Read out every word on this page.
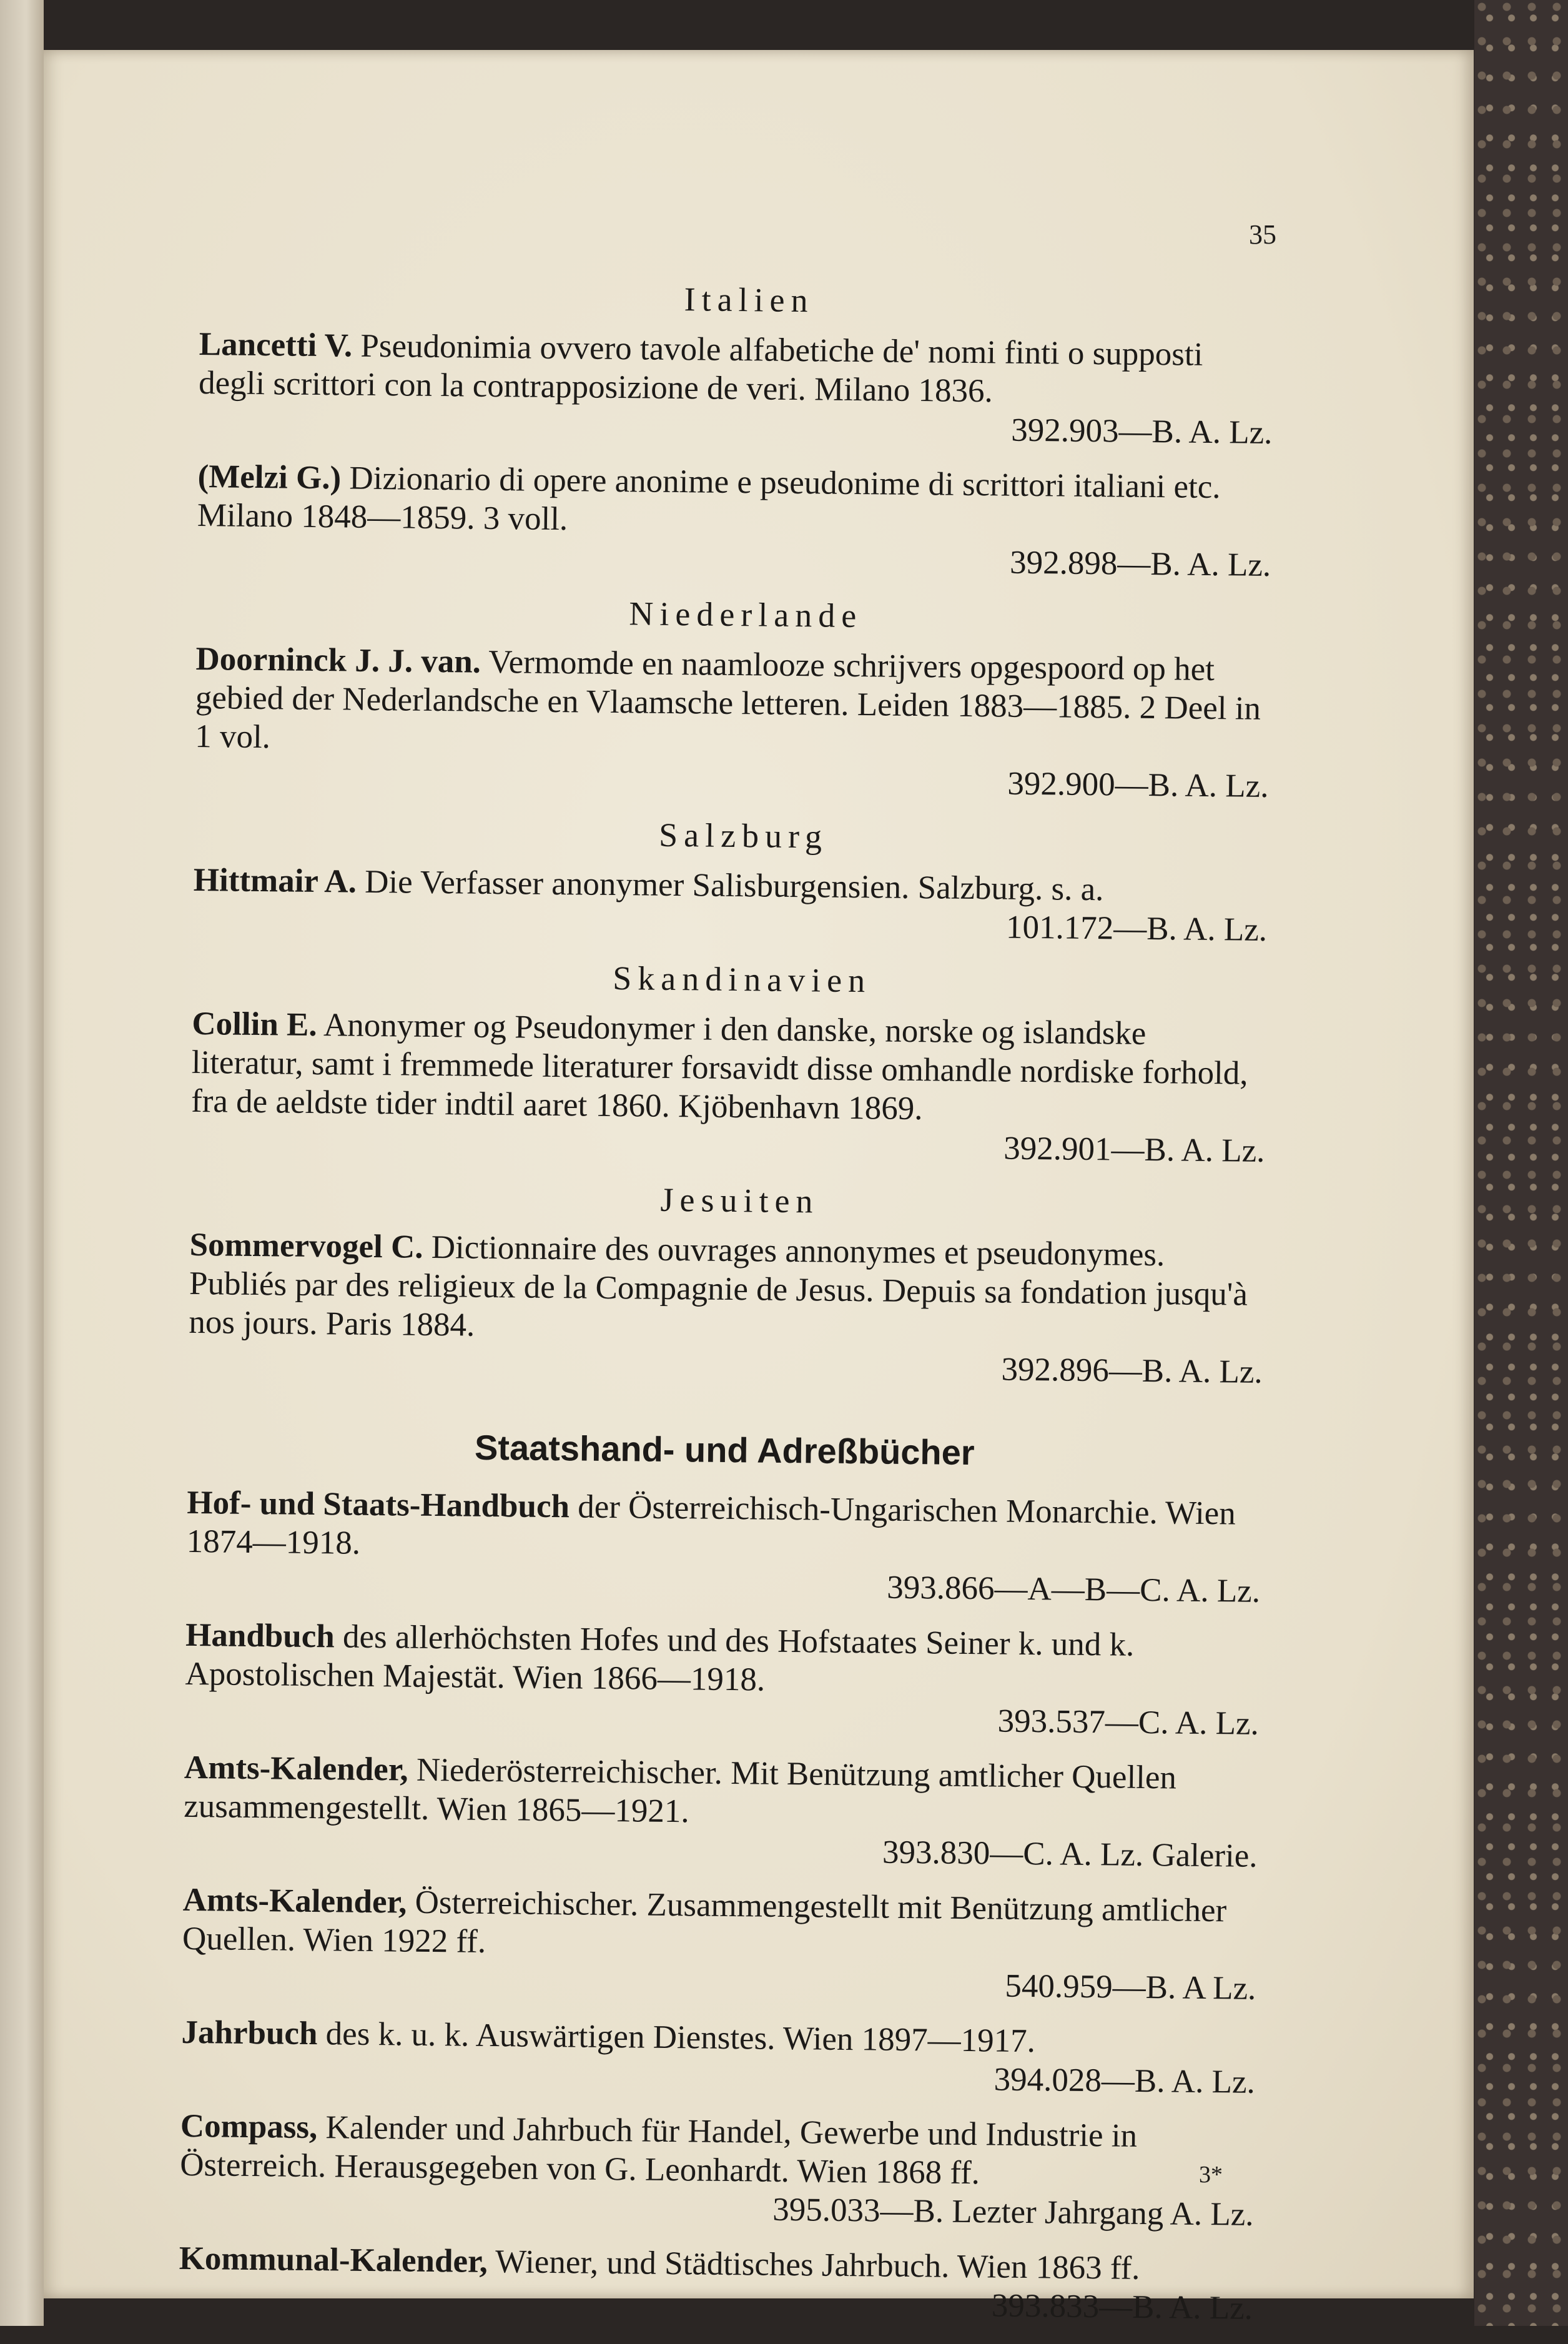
35
Italien
Lancetti V. Pseudonimia ovvero tavole alfabetiche de' nomi finti o supposti degli scrittori con la contrapposizione de veri. Milano 1836.
392.903—B. A. Lz.
(Melzi G.) Dizionario di opere anonime e pseudonime di scrittori italiani etc. Milano 1848—1859. 3 voll.
392.898—B. A. Lz.
Niederlande
Doorninck J. J. van. Vermomde en naamlooze schrijvers opgespoord op het gebied der Nederlandsche en Vlaamsche letteren. Leiden 1883—1885. 2 Deel in 1 vol.
392.900—B. A. Lz.
Salzburg
Hittmair A. Die Verfasser anonymer Salisburgensien. Salzburg. s. a.
101.172—B. A. Lz.
Skandinavien
Collin E. Anonymer og Pseudonymer i den danske, norske og islandske literatur, samt i fremmede literaturer forsavidt disse omhandle nordiske forhold, fra de aeldste tider indtil aaret 1860. Kjöbenhavn 1869.
392.901—B. A. Lz.
Jesuiten
Sommervogel C. Dictionnaire des ouvrages annonymes et pseudonymes. Publiés par des religieux de la Compagnie de Jesus. Depuis sa fondation jusqu'à nos jours. Paris 1884.
392.896—B. A. Lz.
Staatshand- und Adreßbücher
Hof- und Staats-Handbuch der Österreichisch-Ungarischen Monarchie. Wien 1874—1918.
393.866—A—B—C. A. Lz.
Handbuch des allerhöchsten Hofes und des Hofstaates Seiner k. und k. Apostolischen Majestät. Wien 1866—1918.
393.537—C. A. Lz.
Amts-Kalender, Niederösterreichischer. Mit Benützung amtlicher Quellen zusammengestellt. Wien 1865—1921.
393.830—C. A. Lz. Galerie.
Amts-Kalender, Österreichischer. Zusammengestellt mit Benützung amtlicher Quellen. Wien 1922 ff.
540.959—B. A Lz.
Jahrbuch des k. u. k. Auswärtigen Dienstes. Wien 1897—1917.
394.028—B. A. Lz.
Compass, Kalender und Jahrbuch für Handel, Gewerbe und Industrie in Österreich. Herausgegeben von G. Leonhardt. Wien 1868 ff.
395.033—B. Lezter Jahrgang A. Lz.
Kommunal-Kalender, Wiener, und Städtisches Jahrbuch. Wien 1863 ff.
393.833—B. A. Lz.
3*
